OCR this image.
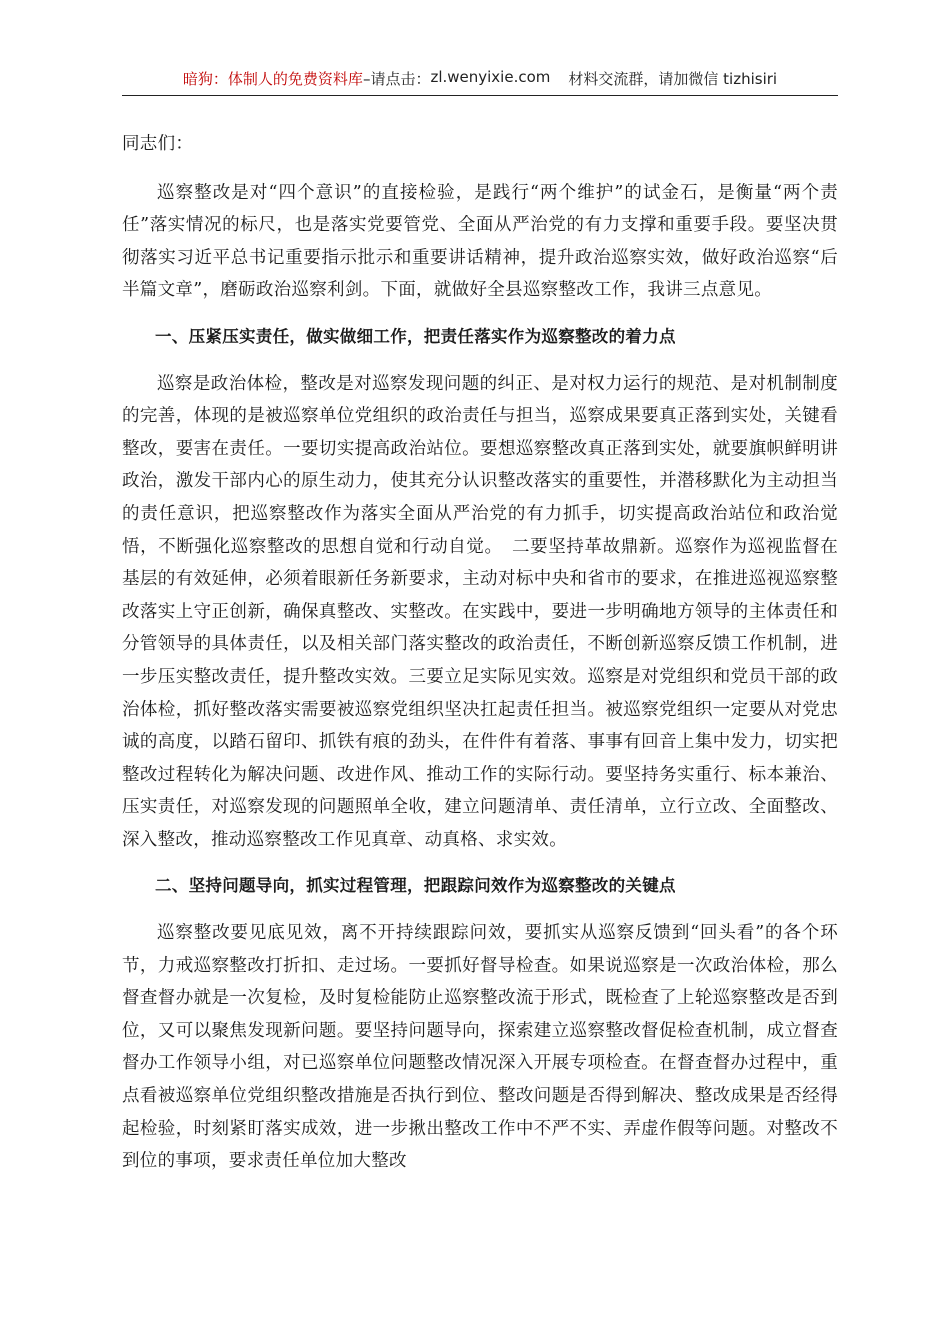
暗狗：体制人的免费资料库 –请点击： zl.wenyixie.com 材料交流群，请加微信 tizhisiri

同志们：

巡察整改是对“四个意识”的直接检验，是践行“两个维护”的试金石，是衡量“两个责任”落实情况的标尺，也是落实党要管党、全面从严治党的有力支撑和重要手段。要坚决贯彻落实习近平总书记重要指示批示和重要讲话精神，提升政治巡察实效，做好政治巡察“后半篇文章”，磨砺政治巡察利剑。下面，就做好全县巡察整改工作，我讲三点意见。

一、压紧压实责任，做实做细工作，把责任落实作为巡察整改的着力点

巡察是政治体检，整改是对巡察发现问题的纠正、是对权力运行的规范、是对机制制度的完善，体现的是被巡察单位党组织的政治责任与担当，巡察成果要真正落到实处，关键看整改，要害在责任。一要切实提高政治站位。要想巡察整改真正落到实处，就要旗帜鲜明讲政治，激发干部内心的原生动力，使其充分认识整改落实的重要性，并潜移默化为主动担当的责任意识，把巡察整改作为落实全面从严治党的有力抓手，切实提高政治站位和政治觉悟，不断强化巡察整改的思想自觉和行动自觉。　二要坚持革故鼎新。巡察作为巡视监督在基层的有效延伸，必须着眼新任务新要求，主动对标中央和省市的要求，在推进巡视巡察整改落实上守正创新，确保真整改、实整改。在实践中，要进一步明确地方领导的主体责任和分管领导的具体责任，以及相关部门落实整改的政治责任，不断创新巡察反馈工作机制，进一步压实整改责任，提升整改实效。三要立足实际见实效。巡察是对党组织和党员干部的政治体检，抓好整改落实需要被巡察党组织坚决扛起责任担当。被巡察党组织一定要从对党忠诚的高度，以踏石留印、抓铁有痕的劲头，在件件有着落、事事有回音上集中发力，切实把整改过程转化为解决问题、改进作风、推动工作的实际行动。要坚持务实重行、标本兼治、压实责任，对巡察发现的问题照单全收，建立问题清单、责任清单，立行立改、全面整改、深入整改，推动巡察整改工作见真章、动真格、求实效。

二、坚持问题导向，抓实过程管理，把跟踪问效作为巡察整改的关键点

巡察整改要见底见效，离不开持续跟踪问效，要抓实从巡察反馈到“回头看”的各个环节，力戒巡察整改打折扣、走过场。一要抓好督导检查。如果说巡察是一次政治体检，那么督查督办就是一次复检，及时复检能防止巡察整改流于形式，既检查了上轮巡察整改是否到位，又可以聚焦发现新问题。要坚持问题导向，探索建立巡察整改督促检查机制，成立督查督办工作领导小组，对已巡察单位问题整改情况深入开展专项检查。在督查督办过程中，重点看被巡察单位党组织整改措施是否执行到位、整改问题是否得到解决、整改成果是否经得起检验，时刻紧盯落实成效，进一步揪出整改工作中不严不实、弄虚作假等问题。对整改不到位的事项，要求责任单位加大整改
